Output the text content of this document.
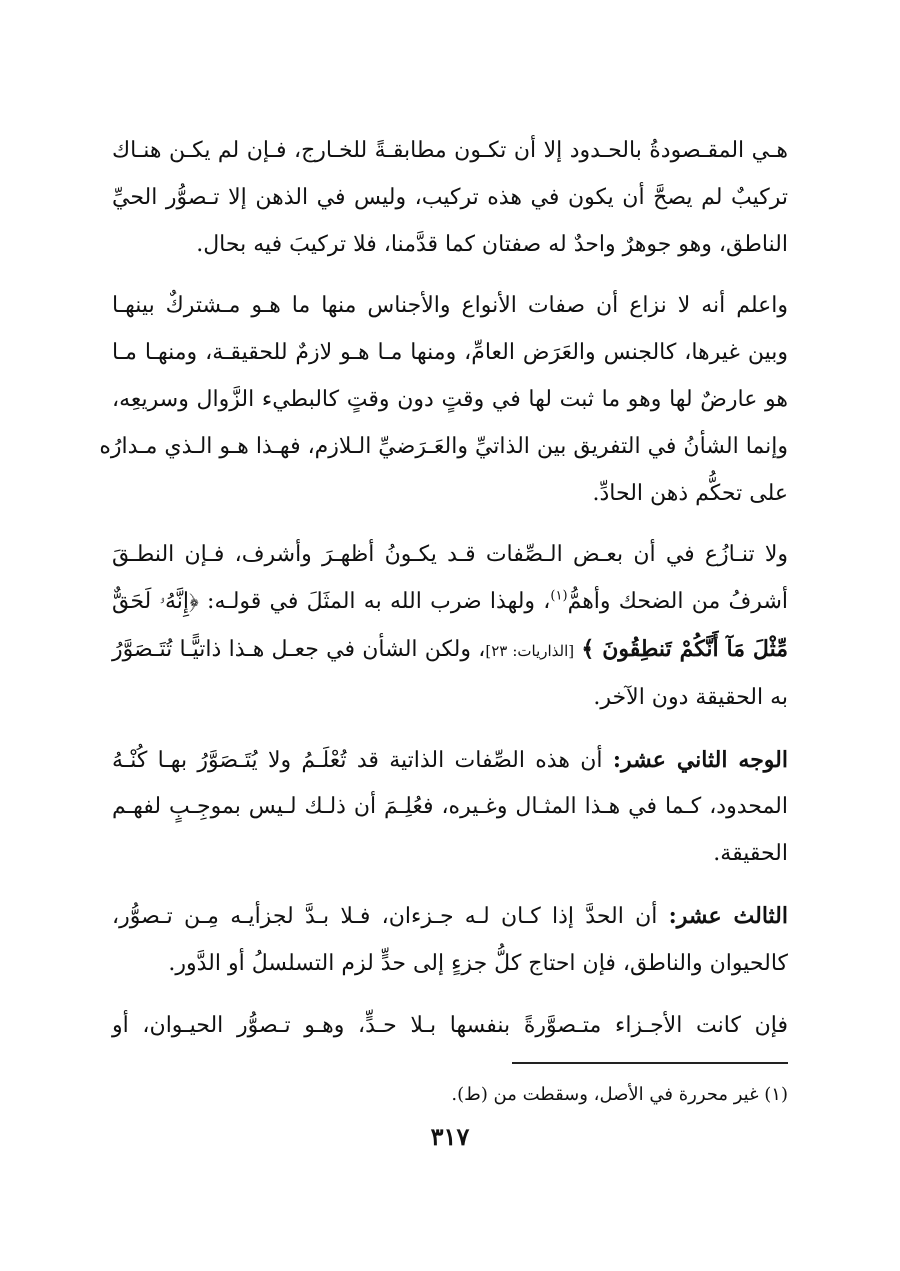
هـي المقـصودةُ بالحـدود إلا أن تكـون مطابقـةً للخـارج، فـإن لم يكـن هنـاك
تركيبٌ لم يصحَّ أن يكون في هذه تركيب، وليس في الذهن إلا تـصوُّر الحيِّ
الناطق، وهو جوهرٌ واحدٌ له صفتان كما قدَّمنا، فلا تركيبَ فيه بحال.

واعلم أنه لا نزاع أن صفات الأنواع والأجناس منها ما هـو مـشتركٌ بينهـا
وبين غيرها، كالجنس والعَرَض العامِّ، ومنها مـا هـو لازمٌ للحقيقـة، ومنهـا مـا
هو عارضٌ لها وهو ما ثبت لها في وقتٍ دون وقتٍ كالبطيء الزَّوال وسريعِه،
وإنما الشأنُ في التفريق بين الذاتيِّ والعَـرَضيِّ الـلازم، فهـذا هـو الـذي مـدارُه
على تحكُّم ذهن الحادِّ.

ولا تنـازُع في أن بعـض الـصِّفات قـد يكـونُ أظهـرَ وأشرف، فـإن النطـقَ
أشرفُ من الضحك وأهمُّ$^{(١)}$، ولهذا ضرب الله به المثَلَ في قولـه: ﴿إِنَّهُۥ لَحَقٌّ
مِّثْلَ مَآ أَنَّكُمْ تَنطِقُونَ ﴾ [الذاريات: ٢٣]، ولكن الشأن في جعـل هـذا ذاتيًّـا تُتَـصَوَّرُ
به الحقيقة دون الآخر.

الوجه الثاني عشر: أن هذه الصِّفات الذاتية قد تُعْلَـمُ ولا يُتَـصَوَّرُ بهـا كُنْـهُ
المحدود، كـما في هـذا المثـال وغـيره، فعُلِـمَ أن ذلـك لـيس بموجِـبٍ لفهـم
الحقيقة.

الثالث عشر: أن الحدَّ إذا كـان لـه جـزءان، فـلا بـدَّ لجزأيـه مِـن تـصوُّر،
كالحيوان والناطق، فإن احتاج كلُّ جزءٍ إلى حدٍّ لزم التسلسلُ أو الدَّور.

فإن كانت الأجـزاء متـصوَّرةً بنفسها بـلا حـدٍّ، وهـو تـصوُّر الحيـوان، أو

(١) غير محررة في الأصل، وسقطت من (ط).
٣١٧
